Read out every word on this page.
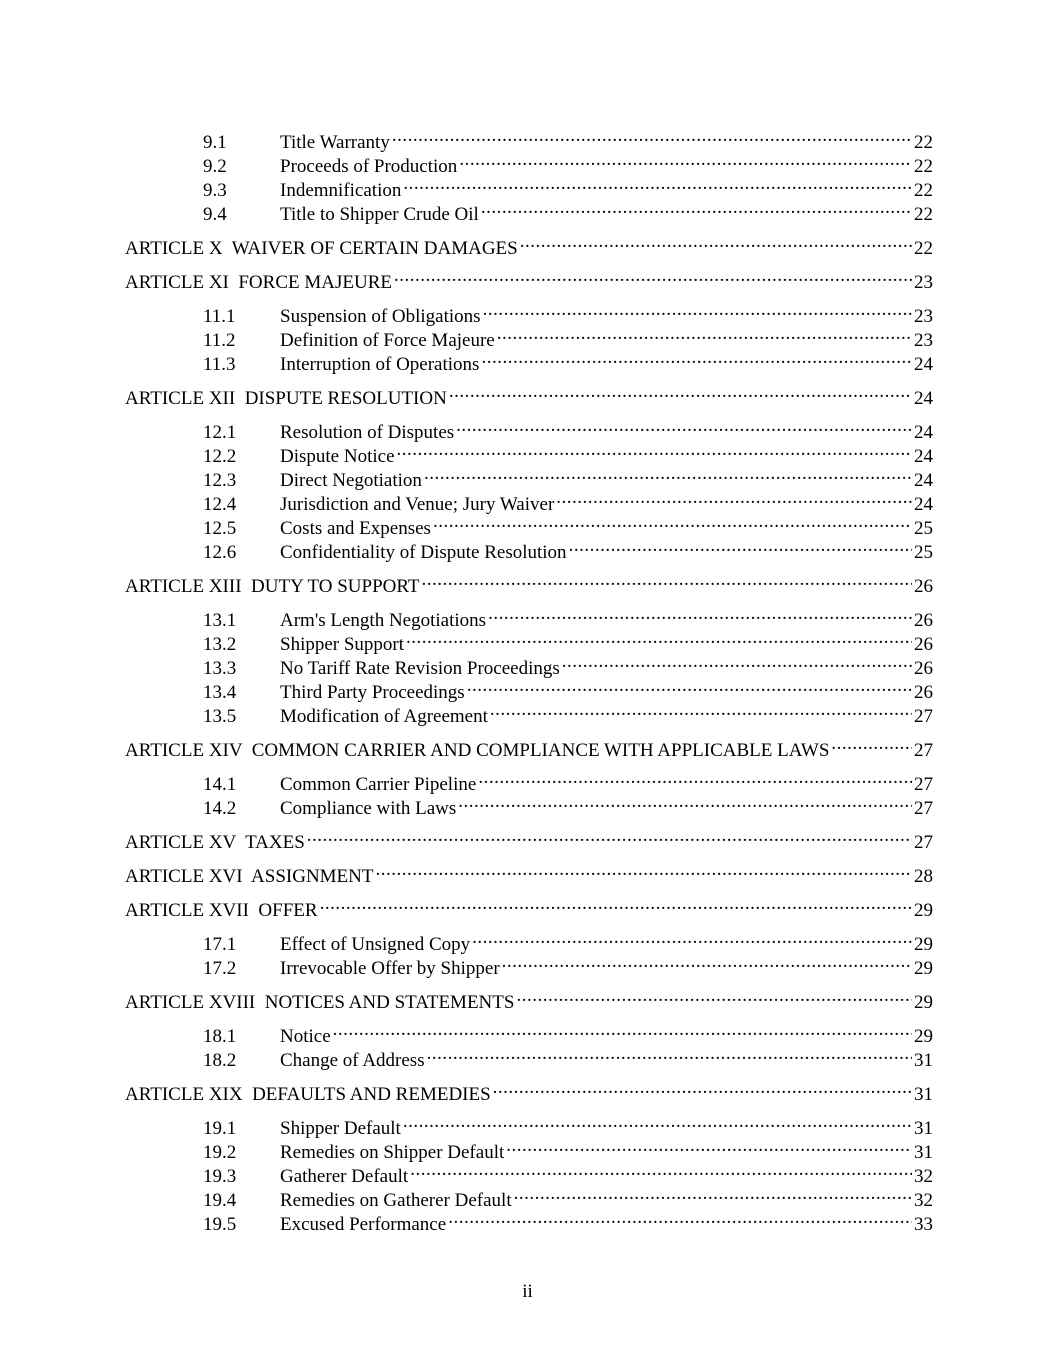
9.1	Title Warranty .....	22
9.2	Proceeds of Production .....	22
9.3	Indemnification .....	22
9.4	Title to Shipper Crude Oil .....	22
ARTICLE X  WAIVER OF CERTAIN DAMAGES .....	22
ARTICLE XI  FORCE MAJEURE .....	23
11.1	Suspension of Obligations .....	23
11.2	Definition of Force Majeure .....	23
11.3	Interruption of Operations .....	24
ARTICLE XII  DISPUTE RESOLUTION .....	24
12.1	Resolution of Disputes .....	24
12.2	Dispute Notice .....	24
12.3	Direct Negotiation .....	24
12.4	Jurisdiction and Venue; Jury Waiver .....	24
12.5	Costs and Expenses .....	25
12.6	Confidentiality of Dispute Resolution .....	25
ARTICLE XIII  DUTY TO SUPPORT .....	26
13.1	Arm's Length Negotiations .....	26
13.2	Shipper Support .....	26
13.3	No Tariff Rate Revision Proceedings .....	26
13.4	Third Party Proceedings .....	26
13.5	Modification of Agreement .....	27
ARTICLE XIV  COMMON CARRIER AND COMPLIANCE WITH APPLICABLE LAWS .....	27
14.1	Common Carrier Pipeline .....	27
14.2	Compliance with Laws .....	27
ARTICLE XV  TAXES .....	27
ARTICLE XVI  ASSIGNMENT .....	28
ARTICLE XVII  OFFER .....	29
17.1	Effect of Unsigned Copy .....	29
17.2	Irrevocable Offer by Shipper .....	29
ARTICLE XVIII  NOTICES AND STATEMENTS .....	29
18.1	Notice .....	29
18.2	Change of Address .....	31
ARTICLE XIX  DEFAULTS AND REMEDIES .....	31
19.1	Shipper Default .....	31
19.2	Remedies on Shipper Default .....	31
19.3	Gatherer Default .....	32
19.4	Remedies on Gatherer Default .....	32
19.5	Excused Performance .....	33
ii
